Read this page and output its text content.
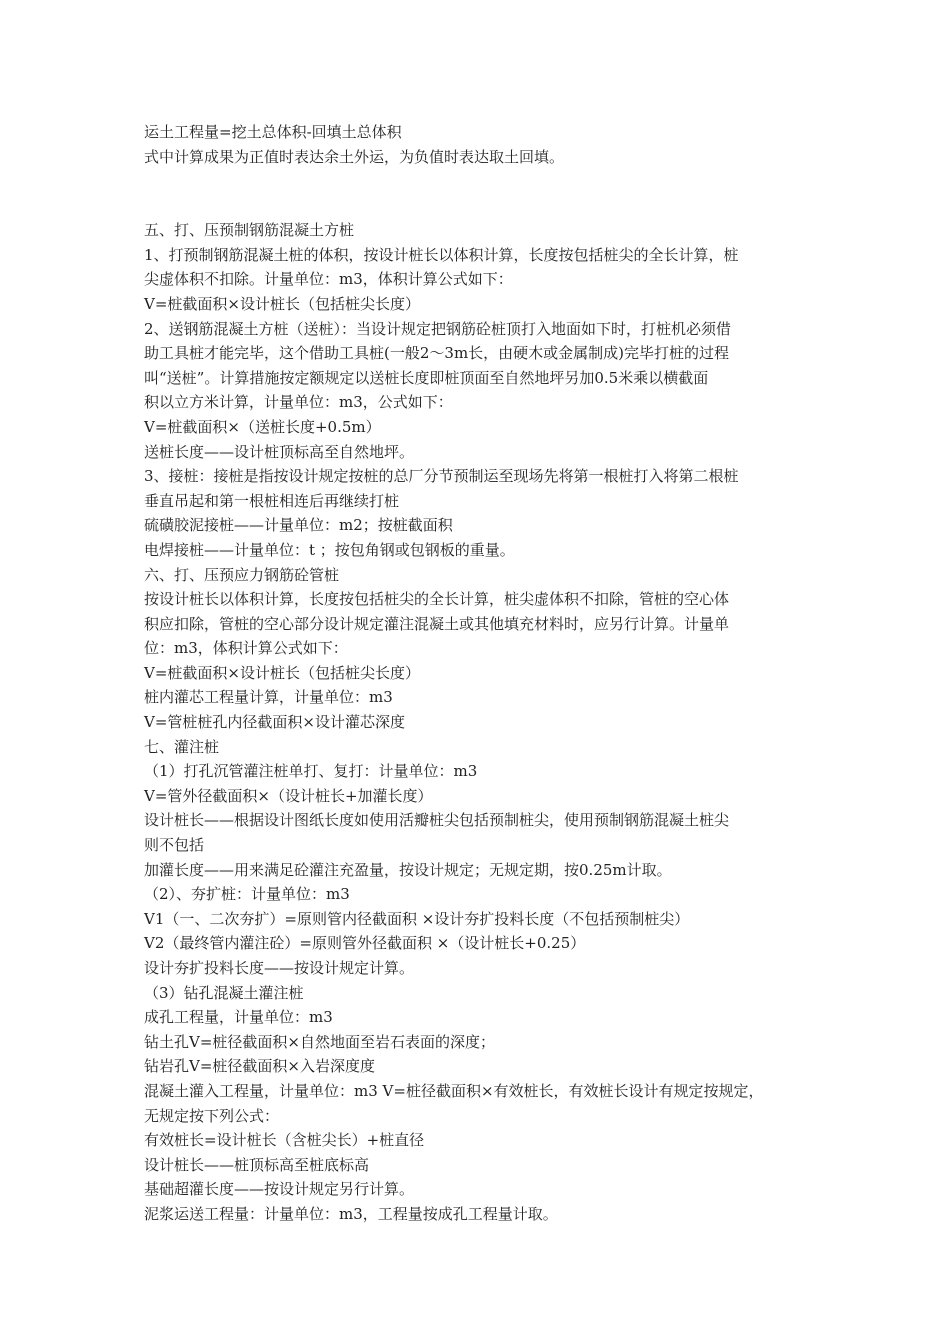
运土工程量=挖土总体积-回填土总体积
式中计算成果为正值时表达余土外运，为负值时表达取土回填。
五、打、压预制钢筋混凝土方桩
1、打预制钢筋混凝土桩的体积，按设计桩长以体积计算，长度按包括桩尖的全长计算，桩
尖虚体积不扣除。计量单位：m3，体积计算公式如下：
V=桩截面积×设计桩长（包括桩尖长度）
2、送钢筋混凝土方桩（送桩）：当设计规定把钢筋砼桩顶打入地面如下时，打桩机必须借
助工具桩才能完毕，这个借助工具桩(一般2～3m长，由硬木或金属制成)完毕打桩的过程
叫“送桩”。计算措施按定额规定以送桩长度即桩顶面至自然地坪另加0.5米乘以横截面
积以立方米计算，计量单位：m3，公式如下：
V=桩截面积×（送桩长度+0.5m）
送桩长度——设计桩顶标高至自然地坪。
3、接桩：接桩是指按设计规定按桩的总厂分节预制运至现场先将第一根桩打入将第二根桩
垂直吊起和第一根桩相连后再继续打桩
硫磺胶泥接桩——计量单位：m2；按桩截面积
电焊接桩——计量单位：t ；按包角钢或包钢板的重量。
六、打、压预应力钢筋砼管桩
按设计桩长以体积计算，长度按包括桩尖的全长计算，桩尖虚体积不扣除，管桩的空心体
积应扣除，管桩的空心部分设计规定灌注混凝土或其他填充材料时，应另行计算。计量单
位：m3，体积计算公式如下：
V=桩截面积×设计桩长（包括桩尖长度）
桩内灌芯工程量计算，计量单位：m3
V=管桩桩孔内径截面积×设计灌芯深度
七、灌注桩
（1）打孔沉管灌注桩单打、复打：计量单位：m3
V=管外径截面积×（设计桩长+加灌长度）
设计桩长——根据设计图纸长度如使用活瓣桩尖包括预制桩尖，使用预制钢筋混凝土桩尖
则不包括
加灌长度——用来满足砼灌注充盈量，按设计规定；无规定期，按0.25m计取。
（2）、夯扩桩：计量单位：m3
V1（一、二次夯扩）=原则管内径截面积 ×设计夯扩投料长度（不包括预制桩尖）
V2（最终管内灌注砼）=原则管外径截面积 ×（设计桩长+0.25）
设计夯扩投料长度——按设计规定计算。
（3）钻孔混凝土灌注桩
成孔工程量，计量单位：m3
钻土孔V=桩径截面积×自然地面至岩石表面的深度；
钻岩孔V=桩径截面积×入岩深度度
混凝土灌入工程量，计量单位：m3 V=桩径截面积×有效桩长，有效桩长设计有规定按规定，
无规定按下列公式：
有效桩长=设计桩长（含桩尖长）+桩直径
设计桩长——桩顶标高至桩底标高
基础超灌长度——按设计规定另行计算。
泥浆运送工程量：计量单位：m3，工程量按成孔工程量计取。
